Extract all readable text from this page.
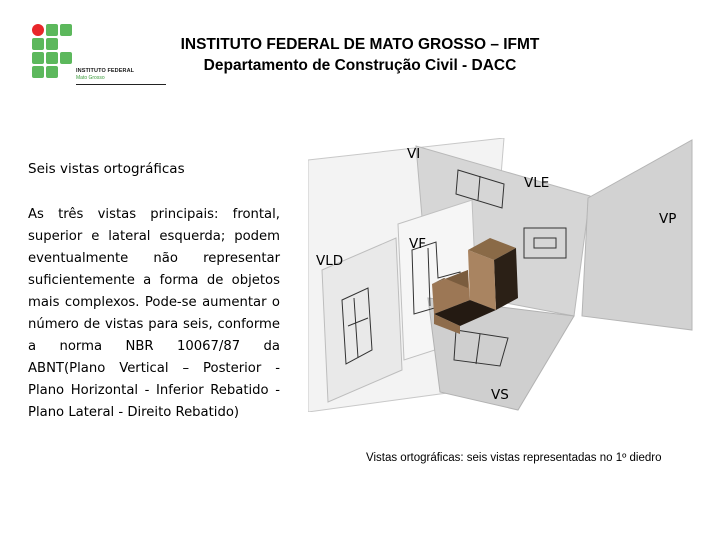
INSTITUTO FEDERAL
Mato Grosso
INSTITUTO FEDERAL DE MATO GROSSO – IFMT
Departamento de Construção Civil - DACC
Seis vistas ortográficas
As três vistas principais: frontal, superior e lateral esquerda; podem eventualmente não representar suficientemente a forma de objetos mais complexos. Pode-se aumentar o número de vistas para seis, conforme a norma NBR 10067/87 da ABNT(Plano Vertical – Posterior - Plano Horizontal - Inferior Rebatido - Plano Lateral - Direito Rebatido)
VI
VLE
VP
VLD
VF
VS
Vistas ortográficas: seis vistas representadas no 1º diedro
